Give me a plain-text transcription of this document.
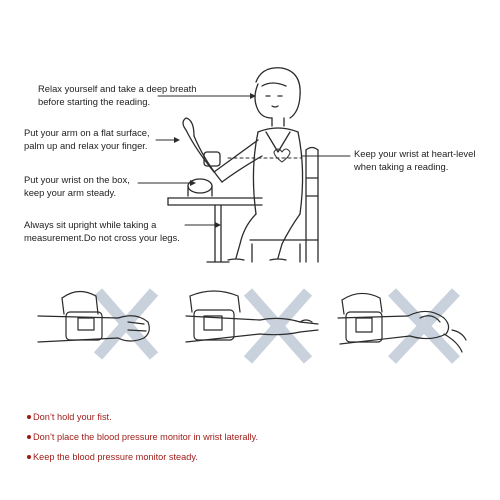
Relax yourself and take a deep breath
before starting the reading.
Put your arm on a flat surface,
palm up and relax your finger.
Put your wrist on the box,
keep your arm steady.
Always sit upright while taking a
measurement.Do not cross your legs.
Keep your wrist at heart-level
when taking a reading.
Don’t hold your fist.
Don’t place the blood pressure monitor in wrist laterally.
Keep the blood pressure monitor steady.
